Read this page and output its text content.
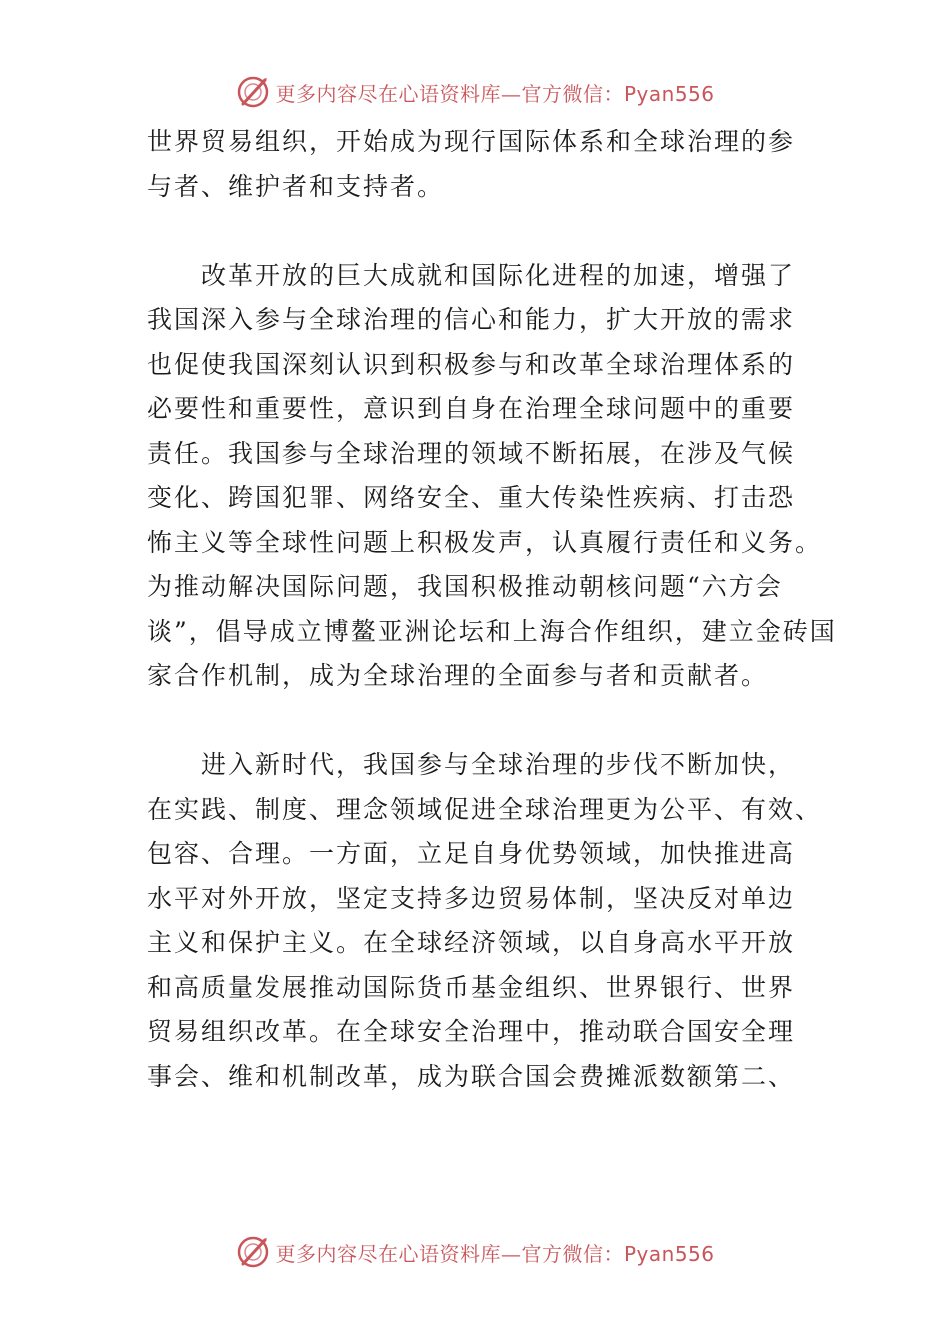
更多内容尽在心语资料库—官方微信：Pyan556
世界贸易组织，开始成为现行国际体系和全球治理的参
与者、维护者和支持者。
改革开放的巨大成就和国际化进程的加速，增强了
我国深入参与全球治理的信心和能力，扩大开放的需求
也促使我国深刻认识到积极参与和改革全球治理体系的
必要性和重要性，意识到自身在治理全球问题中的重要
责任。我国参与全球治理的领域不断拓展，在涉及气候
变化、跨国犯罪、网络安全、重大传染性疾病、打击恐
怖主义等全球性问题上积极发声，认真履行责任和义务。
为推动解决国际问题，我国积极推动朝核问题“六方会
谈”，倡导成立博鳌亚洲论坛和上海合作组织，建立金砖国
家合作机制，成为全球治理的全面参与者和贡献者。
进入新时代，我国参与全球治理的步伐不断加快，
在实践、制度、理念领域促进全球治理更为公平、有效、
包容、合理。一方面，立足自身优势领域，加快推进高
水平对外开放，坚定支持多边贸易体制，坚决反对单边
主义和保护主义。在全球经济领域，以自身高水平开放
和高质量发展推动国际货币基金组织、世界银行、世界
贸易组织改革。在全球安全治理中，推动联合国安全理
事会、维和机制改革，成为联合国会费摊派数额第二、
更多内容尽在心语资料库—官方微信：Pyan556
